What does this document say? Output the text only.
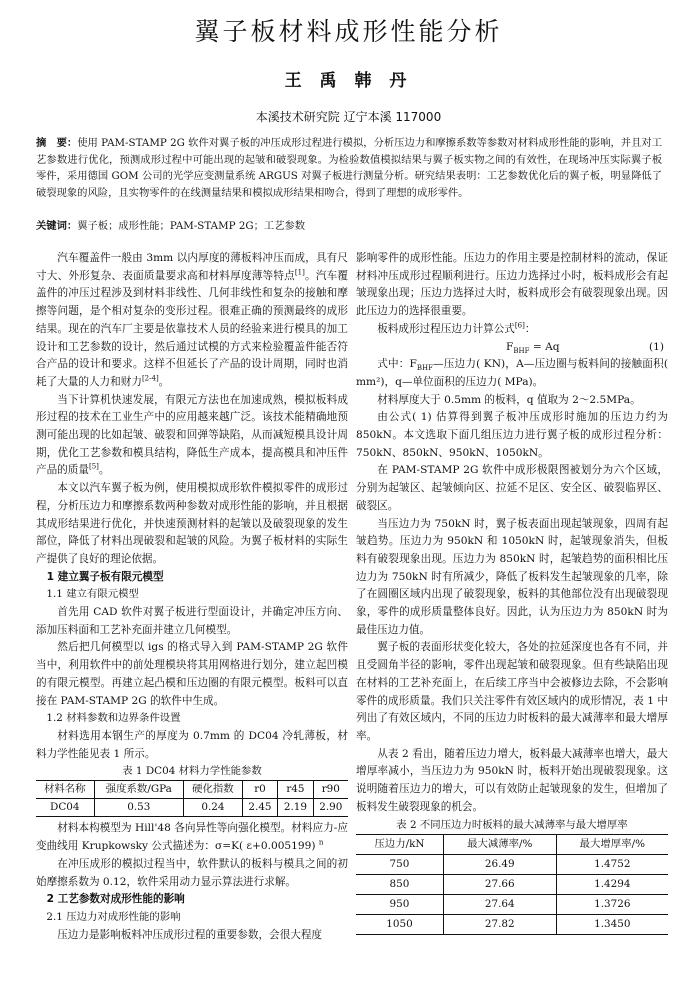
翼子板材料成形性能分析
王 禹 韩 丹
本溪技术研究院 辽宁本溪 117000

摘　要：使用 PAM-STAMP 2G 软件对翼子板的冲压成形过程进行模拟，分析压边力和摩擦系数等参数对材料成形性能的影响，并且对工艺参数进行优化，预测成形过程中可能出现的起皱和破裂现象。为检验数值模拟结果与翼子板实物之间的有效性，在现场冲压实际翼子板零件，采用德国 GOM 公司的光学应变测量系统 ARGUS 对翼子板进行测量分析。研究结果表明：工艺参数优化后的翼子板，明显降低了破裂现象的风险，且实物零件的在线测量结果和模拟成形结果相吻合，得到了理想的成形零件。

关键词：翼子板；成形性能；PAM-STAMP 2G；工艺参数

汽车覆盖件一般由 3mm 以内厚度的薄板料冲压而成，具有尺寸大、外形复杂、表面质量要求高和材料厚度薄等特点[1]。汽车覆盖件的冲压过程涉及到材料非线性、几何非线性和复杂的接触和摩擦等问题，是个相对复杂的变形过程。很难正确的预测最终的成形结果。现在的汽车厂主要是依靠技术人员的经验来进行模具的加工设计和工艺参数的设计，然后通过试模的方式来检验覆盖件能否符合产品的设计和要求。这样不但延长了产品的设计周期，同时也消耗了大量的人力和财力[2-4]。

当下计算机快速发展，有限元方法也在加速成熟，模拟板料成形过程的技术在工业生产中的应用越来越广泛。该技术能精确地预测可能出现的比如起皱、破裂和回弹等缺陷，从而减短模具设计周期，优化工艺参数和模具结构，降低生产成本，提高模具和冲压件产品的质量[5]。

本文以汽车翼子板为例，使用模拟成形软件模拟零件的成形过程，分析压边力和摩擦系数两种参数对成形性能的影响，并且根据其成形结果进行优化，并快速预测材料的起皱以及破裂现象的发生部位，降低了材料出现破裂和起皱的风险。为翼子板材料的实际生产提供了良好的理论依据。

1 建立翼子板有限元模型
1.1 建立有限元模型

首先用 CAD 软件对翼子板进行型面设计，并确定冲压方向、添加压料面和工艺补充面并建立几何模型。

然后把几何模型以 igs 的格式导入到 PAM-STAMP 2G 软件当中，利用软件中的前处理模块将其用网格进行划分，建立起凹模的有限元模型。再建立起凸模和压边圈的有限元模型。板料可以直接在 PAM-STAMP 2G 的软件中生成。

1.2 材料参数和边界条件设置

材料选用本钢生产的厚度为 0.7mm 的 DC04 冷轧薄板，材料力学性能见表 1 所示。

表 1 DC04 材料力学性能参数
材料名称	强度系数/GPa	硬化指数	r0	r45	r90
DC04	0.53	0.24	2.45	2.19	2.90

材料本构模型为 Hill'48 各向异性等向强化模型。材料应力-应变曲线用 Krupkowsky 公式描述为：σ=K( ε+0.005199) $^n$

在冲压成形的模拟过程当中，软件默认的板料与模具之间的初始摩擦系数为 0.12，软件采用动力显示算法进行求解。

2 工艺参数对成形性能的影响
2.1 压边力对成形性能的影响

压边力是影响板料冲压成形过程的重要参数，会很大程度

影响零件的成形性能。压边力的作用主要是控制材料的流动，保证材料冲压成形过程顺利进行。压边力选择过小时，板料成形会有起皱现象出现；压边力选择过大时，板料成形会有破裂现象出现。因此压边力的选择很重要。

板料成形过程压边力计算公式[6]：

$F_{BHF} = Aq$	(1)

式中：$F_{BHF}—$压边力( KN)，A—压边圈与板料间的接触面积( mm²)，q—单位面积的压边力( MPa)。

材料厚度大于 0.5mm 的板料，q 值取为 2～2.5MPa。

由公式( 1) 估算得到翼子板冲压成形时施加的压边力约为 850kN。本文选取下面几组压边力进行翼子板的成形过程分析：750kN、850kN、950kN、1050kN。

在 PAM-STAMP 2G 软件中成形极限图被划分为六个区域，分别为起皱区、起皱倾向区、拉延不足区、安全区、破裂临界区、破裂区。

当压边力为 750kN 时，翼子板表面出现起皱现象，四周有起皱趋势。压边力为 950kN 和 1050kN 时，起皱现象消失，但板料有破裂现象出现。压边力为 850kN 时，起皱趋势的面积相比压边力为 750kN 时有所减少，降低了板料发生起皱现象的几率，除了在圆圈区域内出现了破裂现象，板料的其他部位没有出现破裂现象，零件的成形质量整体良好。因此，认为压边力为 850kN 时为最佳压边力值。

翼子板的表面形状变化较大，各处的拉延深度也各有不同，并且受圆角半径的影响，零件出现起皱和破裂现象。但有些缺陷出现在材料的工艺补充面上，在后续工序当中会被修边去除，不会影响零件的成形质量。我们只关注零件有效区域内的成形情况，表 1 中列出了有效区域内，不同的压边力时板料的最大减薄率和最大增厚率。

从表 2 看出，随着压边力增大，板料最大减薄率也增大，最大增厚率减小，当压边力为 950kN 时，板料开始出现破裂现象。这说明随着压边力的增大，可以有效防止起皱现象的发生，但增加了板料发生破裂现象的机会。

表 2 不同压边力时板料的最大减薄率与最大增厚率
压边力/kN	最大减薄率/%	最大增厚率/%
750	26.49	1.4752
850	27.66	1.4294
950	27.64	1.3726
1050	27.82	1.3450
